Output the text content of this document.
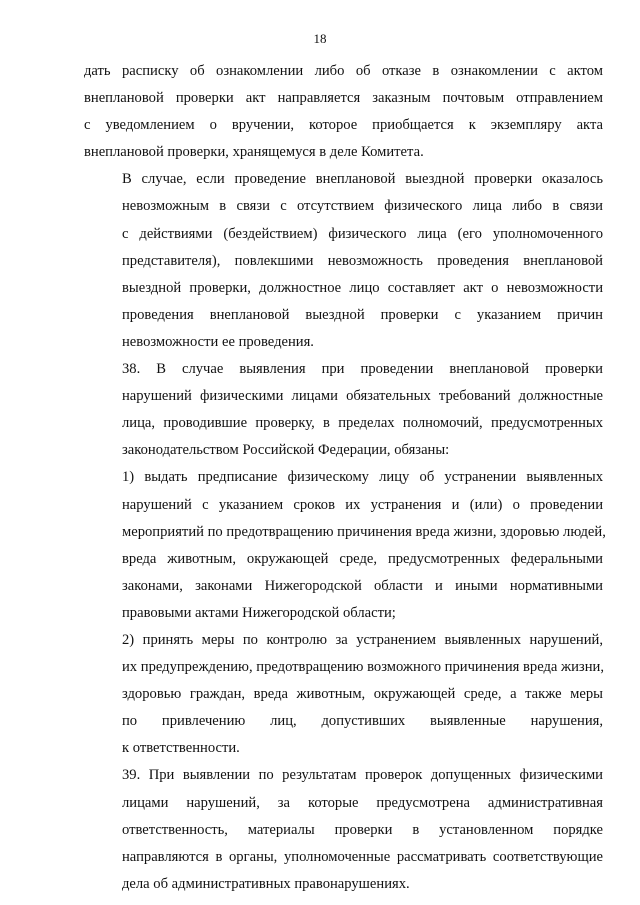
18

дать расписку об ознакомлении либо об отказе в ознакомлении с актом
внеплановой проверки акт направляется заказным почтовым отправлением
с уведомлением о вручении, которое приобщается к экземпляру акта
внеплановой проверки, хранящемуся в деле Комитета.

В случае, если проведение внеплановой выездной проверки оказалось
невозможным в связи с отсутствием физического лица либо в связи
с действиями (бездействием) физического лица (его уполномоченного
представителя), повлекшими невозможность проведения внеплановой
выездной проверки, должностное лицо составляет акт о невозможности
проведения внеплановой выездной проверки с указанием причин
невозможности ее проведения.

38. В случае выявления при проведении внеплановой проверки
нарушений физическими лицами обязательных требований должностные
лица, проводившие проверку, в пределах полномочий, предусмотренных
законодательством Российской Федерации, обязаны:

1) выдать предписание физическому лицу об устранении выявленных
нарушений с указанием сроков их устранения и (или) о проведении
мероприятий по предотвращению причинения вреда жизни, здоровью людей,
вреда животным, окружающей среде, предусмотренных федеральными
законами, законами Нижегородской области и иными нормативными
правовыми актами Нижегородской области;

2) принять меры по контролю за устранением выявленных нарушений,
их предупреждению, предотвращению возможного причинения вреда жизни,
здоровью граждан, вреда животным, окружающей среде, а также меры
по привлечению лиц, допустивших выявленные нарушения,
к ответственности.

39. При выявлении по результатам проверок допущенных физическими
лицами нарушений, за которые предусмотрена административная
ответственность, материалы проверки в установленном порядке
направляются в органы, уполномоченные рассматривать соответствующие
дела об административных правонарушениях.
